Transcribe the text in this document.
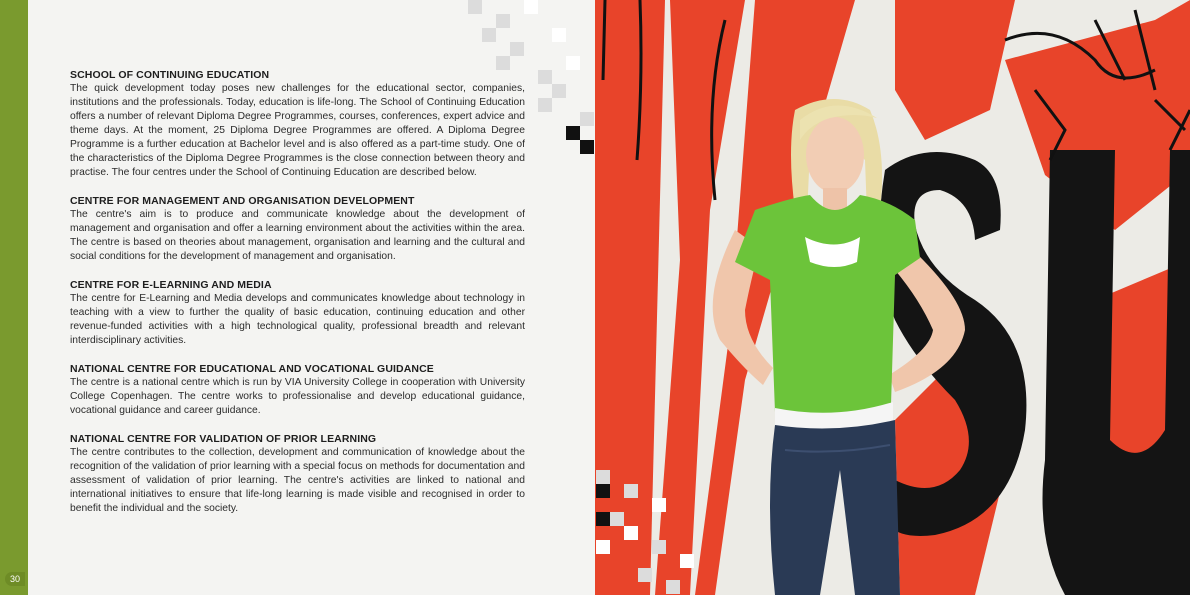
30
SCHOOL OF CONTINUING EDUCATION

The quick development today poses new challenges for the educational sector, companies, institutions and the professionals. Today, education is life-long. The School of Continuing Education offers a number of relevant Diploma Degree Programmes, courses, conferences, expert advice and theme days. At the moment, 25 Diploma Degree Programmes are offered. A Diploma Degree Programme is a further education at Bachelor level and is also offered as a part-time study. One of the characteristics of the Diploma Degree Programmes is the close connection between theory and practise. The four centres under the School of Continuing Education are described below.

CENTRE FOR MANAGEMENT AND ORGANISATION DEVELOPMENT

The centre's aim is to produce and communicate knowledge about the development of management and organisation and offer a learning environment about the activities within the area. The centre is based on theories about management, organisation and learning and the cultural and social conditions for the development of management and organisation.

CENTRE FOR E-LEARNING AND MEDIA

The centre for E-Learning and Media develops and communicates knowledge about technology in teaching with a view to further the quality of basic education, continuing education and other revenue-funded activities with a high technological quality, professional breadth and relevant interdisciplinary activities.

NATIONAL CENTRE FOR EDUCATIONAL AND VOCATIONAL GUIDANCE

The centre is a national centre which is run by VIA University College in cooperation with University College Copenhagen. The centre works to professionalise and develop educational guidance, vocational guidance and career guidance.

NATIONAL CENTRE FOR VALIDATION OF PRIOR LEARNING

The centre contributes to the collection, development and communication of knowledge about the recognition of the validation of prior learning with a special focus on methods for documentation and assessment of validation of prior learning. The centre's activities are linked to national and international initiatives to ensure that life-long learning is made visible and recognised in order to benefit the individual and the society.
